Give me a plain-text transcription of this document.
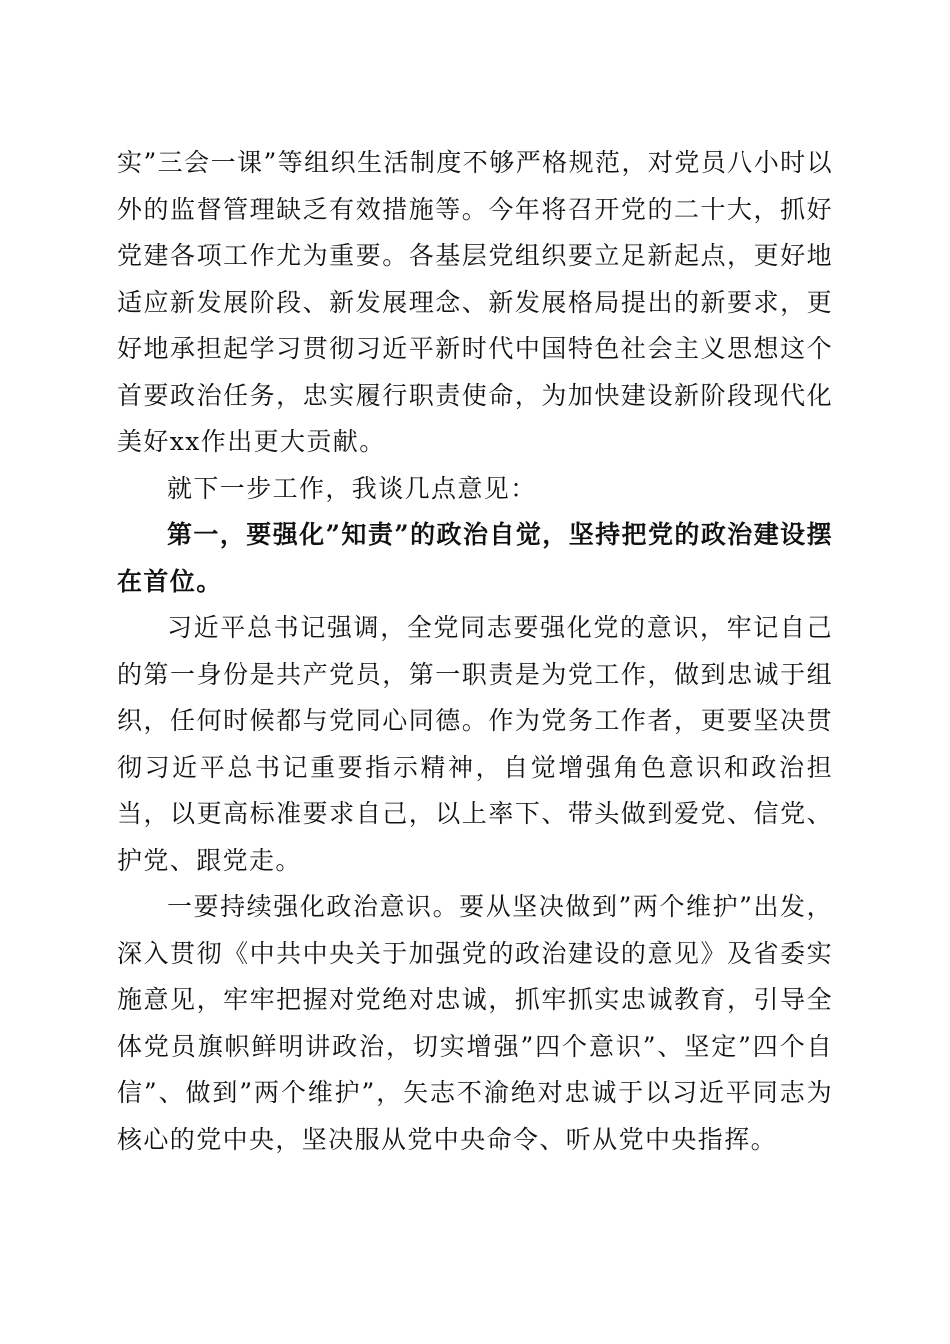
实”三会一课”等组织生活制度不够严格规范，对党员八小时以外的监督管理缺乏有效措施等。今年将召开党的二十大，抓好党建各项工作尤为重要。各基层党组织要立足新起点，更好地适应新发展阶段、新发展理念、新发展格局提出的新要求，更好地承担起学习贯彻习近平新时代中国特色社会主义思想这个首要政治任务，忠实履行职责使命，为加快建设新阶段现代化美好xx作出更大贡献。

就下一步工作，我谈几点意见：

第一，要强化”知责”的政治自觉，坚持把党的政治建设摆在首位。

习近平总书记强调，全党同志要强化党的意识，牢记自己的第一身份是共产党员，第一职责是为党工作，做到忠诚于组织，任何时候都与党同心同德。作为党务工作者，更要坚决贯彻习近平总书记重要指示精神，自觉增强角色意识和政治担当，以更高标准要求自己，以上率下、带头做到爱党、信党、护党、跟党走。

一要持续强化政治意识。要从坚决做到”两个维护”出发，深入贯彻《中共中央关于加强党的政治建设的意见》及省委实施意见，牢牢把握对党绝对忠诚，抓牢抓实忠诚教育，引导全体党员旗帜鲜明讲政治，切实增强”四个意识”、坚定”四个自信”、做到”两个维护”，矢志不渝绝对忠诚于以习近平同志为核心的党中央，坚决服从党中央命令、听从党中央指挥。
